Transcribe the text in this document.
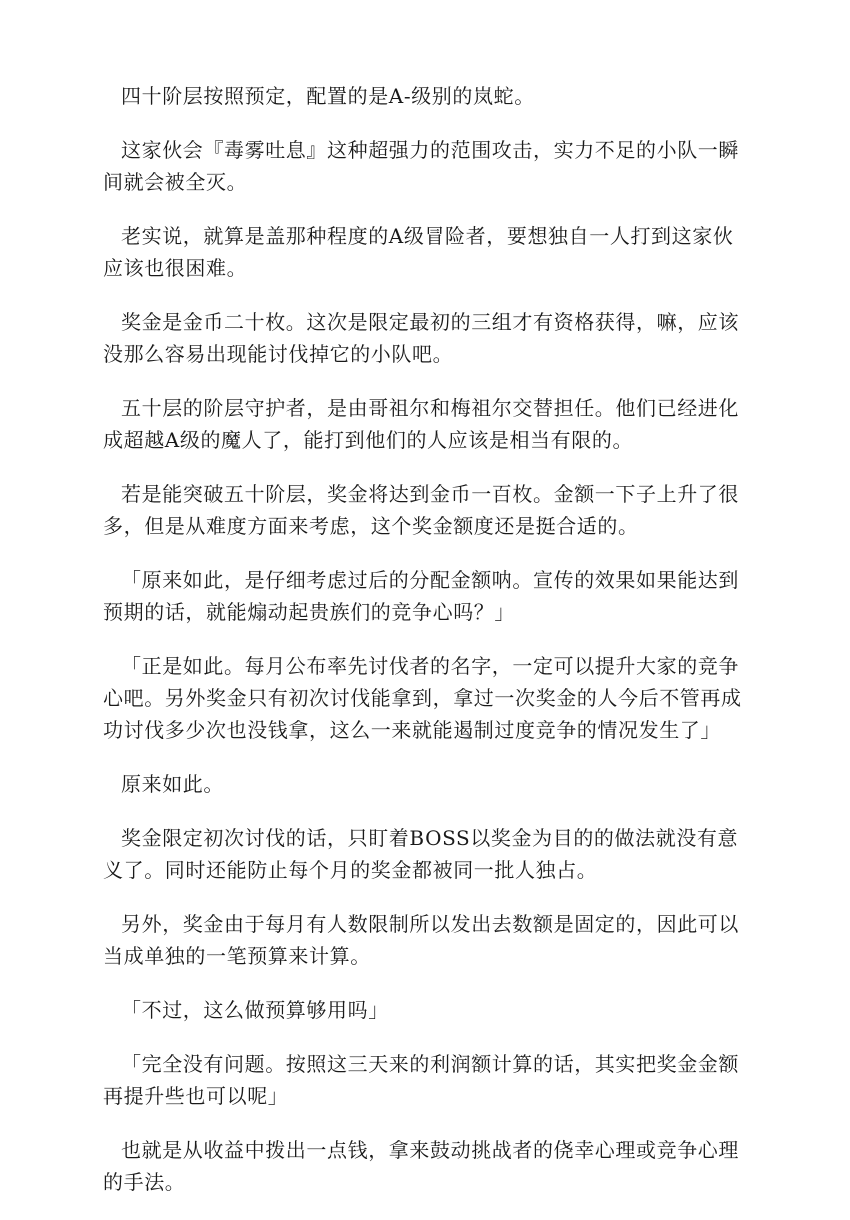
四十阶层按照预定，配置的是A-级别的岚蛇。

这家伙会『毒雾吐息』这种超强力的范围攻击，实力不足的小队一瞬间就会被全灭。

老实说，就算是盖那种程度的A级冒险者，要想独自一人打到这家伙应该也很困难。

奖金是金币二十枚。这次是限定最初的三组才有资格获得，嘛，应该没那么容易出现能讨伐掉它的小队吧。

五十层的阶层守护者，是由哥祖尔和梅祖尔交替担任。他们已经进化成超越A级的魔人了，能打到他们的人应该是相当有限的。

若是能突破五十阶层，奖金将达到金币一百枚。金额一下子上升了很多，但是从难度方面来考虑，这个奖金额度还是挺合适的。

「原来如此，是仔细考虑过后的分配金额呐。宣传的效果如果能达到预期的话，就能煽动起贵族们的竞争心吗？」

「正是如此。每月公布率先讨伐者的名字，一定可以提升大家的竞争心吧。另外奖金只有初次讨伐能拿到，拿过一次奖金的人今后不管再成功讨伐多少次也没钱拿，这么一来就能遏制过度竞争的情况发生了」

原来如此。

奖金限定初次讨伐的话，只盯着BOSS以奖金为目的的做法就没有意义了。同时还能防止每个月的奖金都被同一批人独占。

另外，奖金由于每月有人数限制所以发出去数额是固定的，因此可以当成单独的一笔预算来计算。

「不过，这么做预算够用吗」

「完全没有问题。按照这三天来的利润额计算的话，其实把奖金金额再提升些也可以呢」

也就是从收益中拨出一点钱，拿来鼓动挑战者的侥幸心理或竞争心理的手法。
